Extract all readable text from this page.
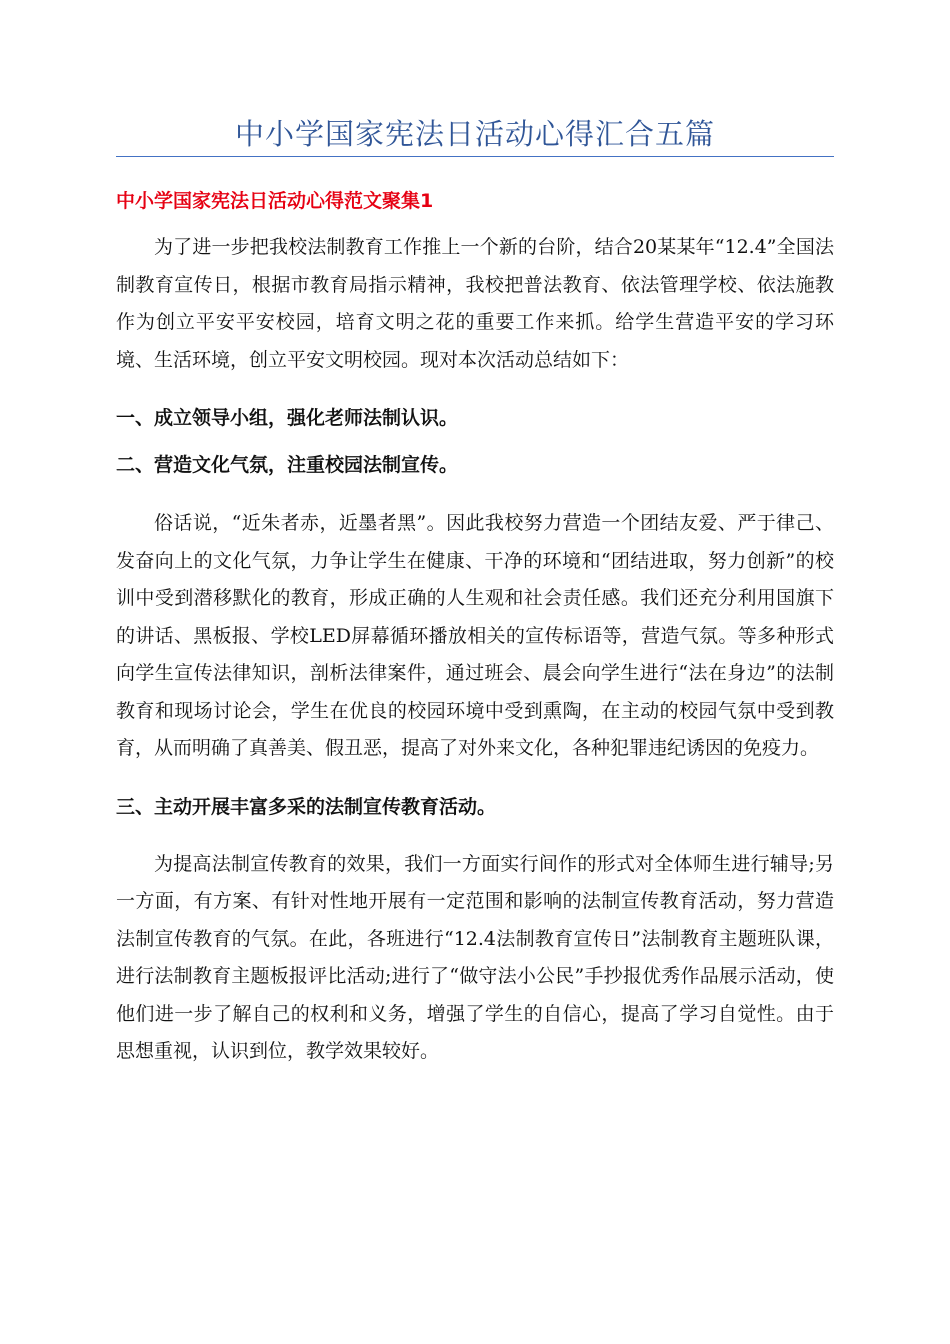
中小学国家宪法日活动心得汇合五篇
中小学国家宪法日活动心得范文聚集1

为了进一步把我校法制教育工作推上一个新的台阶，结合20某某年“12.4”全国法制教育宣传日，根据市教育局指示精神，我校把普法教育、依法管理学校、依法施教作为创立平安平安校园，培育文明之花的重要工作来抓。给学生营造平安的学习环境、生活环境，创立平安文明校园。现对本次活动总结如下：

一、成立领导小组，强化老师法制认识。

二、营造文化气氛，注重校园法制宣传。

俗话说，“近朱者赤，近墨者黑”。因此我校努力营造一个团结友爱、严于律己、发奋向上的文化气氛，力争让学生在健康、干净的环境和“团结进取，努力创新”的校训中受到潜移默化的教育，形成正确的人生观和社会责任感。我们还充分利用国旗下的讲话、黑板报、学校LED屏幕循环播放相关的宣传标语等，营造气氛。等多种形式向学生宣传法律知识，剖析法律案件，通过班会、晨会向学生进行“法在身边”的法制教育和现场讨论会，学生在优良的校园环境中受到熏陶，在主动的校园气氛中受到教育，从而明确了真善美、假丑恶，提高了对外来文化，各种犯罪违纪诱因的免疫力。

三、主动开展丰富多采的法制宣传教育活动。

为提高法制宣传教育的效果，我们一方面实行间作的形式对全体师生进行辅导;另一方面，有方案、有针对性地开展有一定范围和影响的法制宣传教育活动，努力营造法制宣传教育的气氛。在此，各班进行“12.4法制教育宣传日”法制教育主题班队课，进行法制教育主题板报评比活动;进行了“做守法小公民”手抄报优秀作品展示活动，使他们进一步了解自己的权利和义务，增强了学生的自信心，提高了学习自觉性。由于思想重视，认识到位，教学效果较好。
